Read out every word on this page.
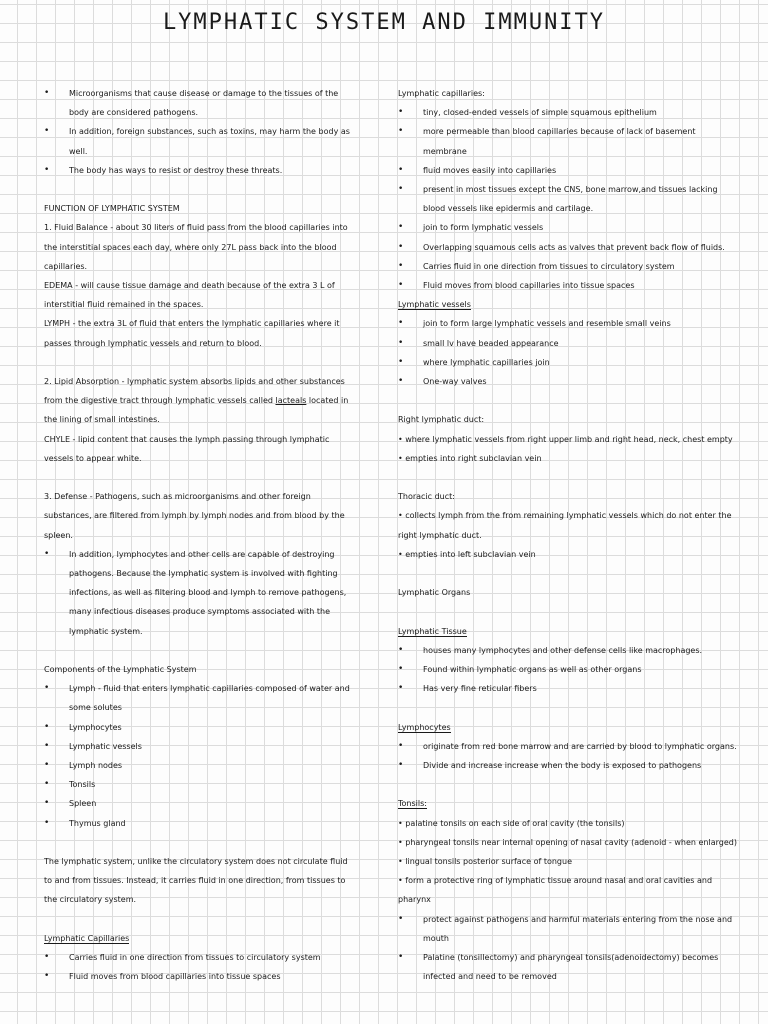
LYMPHATIC SYSTEM AND IMMUNITY

• Microorganisms that cause disease or damage to the tissues of the body are considered pathogens.

• In addition, foreign substances, such as toxins, may harm the body as well.

• The body has ways to resist or destroy these threats.

FUNCTION OF LYMPHATIC SYSTEM

1. Fluid Balance - about 30 liters of fluid pass from the blood capillaries into the interstitial spaces each day, where only 27L pass back into the blood capillaries.

EDEMA - will cause tissue damage and death because of the extra 3 L of interstitial fluid remained in the spaces.

LYMPH - the extra 3L of fluid that enters the lymphatic capillaries where it passes through lymphatic vessels and return to blood.

2. Lipid Absorption - lymphatic system absorbs lipids and other substances from the digestive tract through lymphatic vessels called lacteals located in the lining of small intestines.

CHYLE - lipid content that causes the lymph passing through lymphatic vessels to appear white.

3. Defense - Pathogens, such as microorganisms and other foreign substances, are filtered from lymph by lymph nodes and from blood by the spleen.

• In addition, lymphocytes and other cells are capable of destroying pathogens. Because the lymphatic system is involved with fighting infections, as well as filtering blood and lymph to remove pathogens, many infectious diseases produce symptoms associated with the lymphatic system.

Components of the Lymphatic System

• Lymph - fluid that enters lymphatic capillaries composed of water and some solutes

• Lymphocytes

• Lymphatic vessels

• Lymph nodes

• Tonsils

• Spleen

• Thymus gland

The lymphatic system, unlike the circulatory system does not circulate fluid to and from tissues. Instead, it carries fluid in one direction, from tissues to the circulatory system.

Lymphatic Capillaries

• Carries fluid in one direction from tissues to circulatory system

• Fluid moves from blood capillaries into tissue spaces

Lymphatic capillaries:

• tiny, closed-ended vessels of simple squamous epithelium

• more permeable than blood capillaries because of lack of basement membrane

• fluid moves easily into capillaries

• present in most tissues except the CNS, bone marrow,and tissues lacking blood vessels like epidermis and cartilage.

• join to form lymphatic vessels

• Overlapping squamous cells acts as valves that prevent back flow of fluids.

• Carries fluid in one direction from tissues to circulatory system

• Fluid moves from blood capillaries into tissue spaces

Lymphatic vessels

• join to form large lymphatic vessels and resemble small veins

• small lv have beaded appearance

• where lymphatic capillaries join

• One-way valves

Right lymphatic duct:

• where lymphatic vessels from right upper limb and right head, neck, chest empty

• empties into right subclavian vein

Thoracic duct:

• collects lymph from the from remaining lymphatic vessels which do not enter the right lymphatic duct.

• empties into left subclavian vein

Lymphatic Organs

Lymphatic Tissue

• houses many lymphocytes and other defense cells like macrophages.

• Found within lymphatic organs as well as other organs

• Has very fine reticular fibers

Lymphocytes

• originate from red bone marrow and are carried by blood to lymphatic organs.

• Divide and increase increase when the body is exposed to pathogens

Tonsils:

• palatine tonsils on each side of oral cavity (the tonsils)

• pharyngeal tonsils near internal opening of nasal cavity (adenoid - when enlarged)

• lingual tonsils posterior surface of tongue

• form a protective ring of lymphatic tissue around nasal and oral cavities and pharynx

• protect against pathogens and harmful materials entering from the nose and mouth

• Palatine (tonsillectomy) and pharyngeal tonsils(adenoidectomy) becomes infected and need to be removed
